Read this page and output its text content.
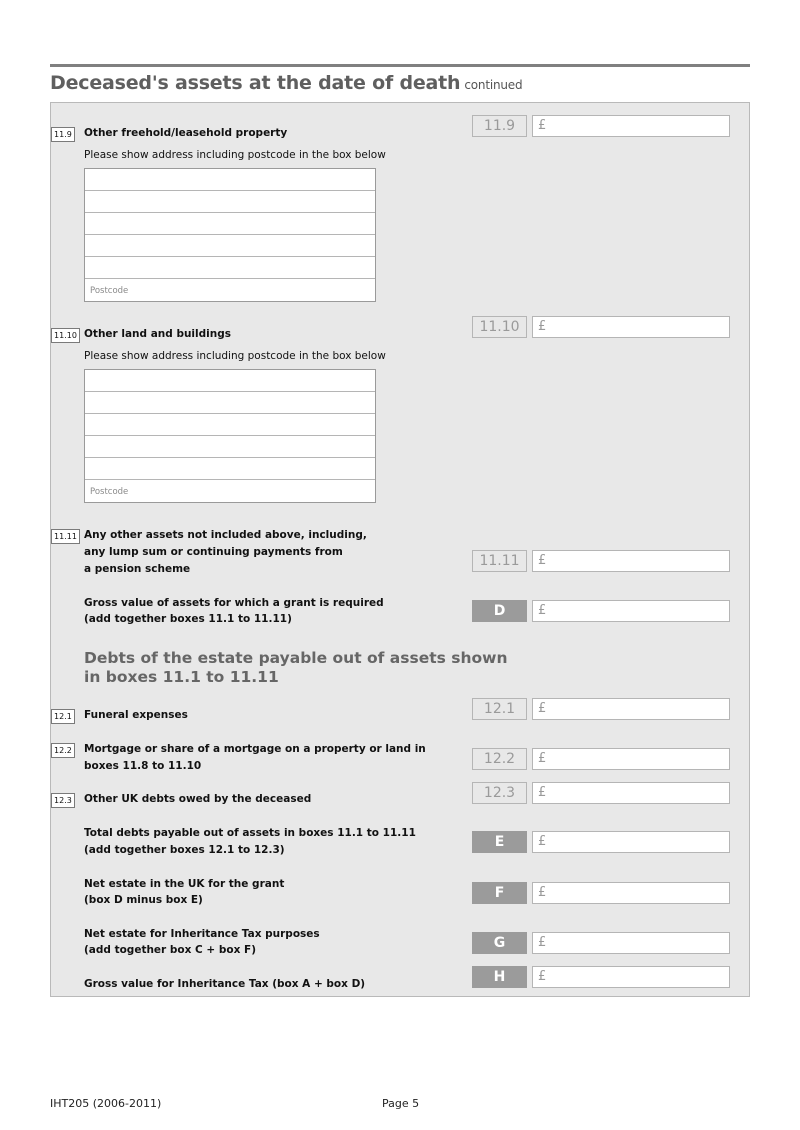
Deceased's assets at the date of death continued
11.9 Other freehold/leasehold property
Please show address including postcode in the box below
Postcode
11.9	£
11.10 Other land and buildings
Please show address including postcode in the box below
Postcode
11.10	£
11.11 Any other assets not included above, including,
any lump sum or continuing payments from
a pension scheme	11.11	£
Gross value of assets for which a grant is required
(add together boxes 11.1 to 11.11)	D	£
Debts of the estate payable out of assets shown
in boxes 11.1 to 11.11
12.1 Funeral expenses	12.1	£
12.2 Mortgage or share of a mortgage on a property or land in
boxes 11.8 to 11.10	12.2	£
12.3 Other UK debts owed by the deceased	12.3	£
Total debts payable out of assets in boxes 11.1 to 11.11
(add together boxes 12.1 to 12.3)	E	£
Net estate in the UK for the grant
(box D minus box E)	F	£
Net estate for Inheritance Tax purposes
(add together box C + box F)	G	£
Gross value for Inheritance Tax (box A + box D)	H	£
IHT205 (2006-2011)	Page 5
